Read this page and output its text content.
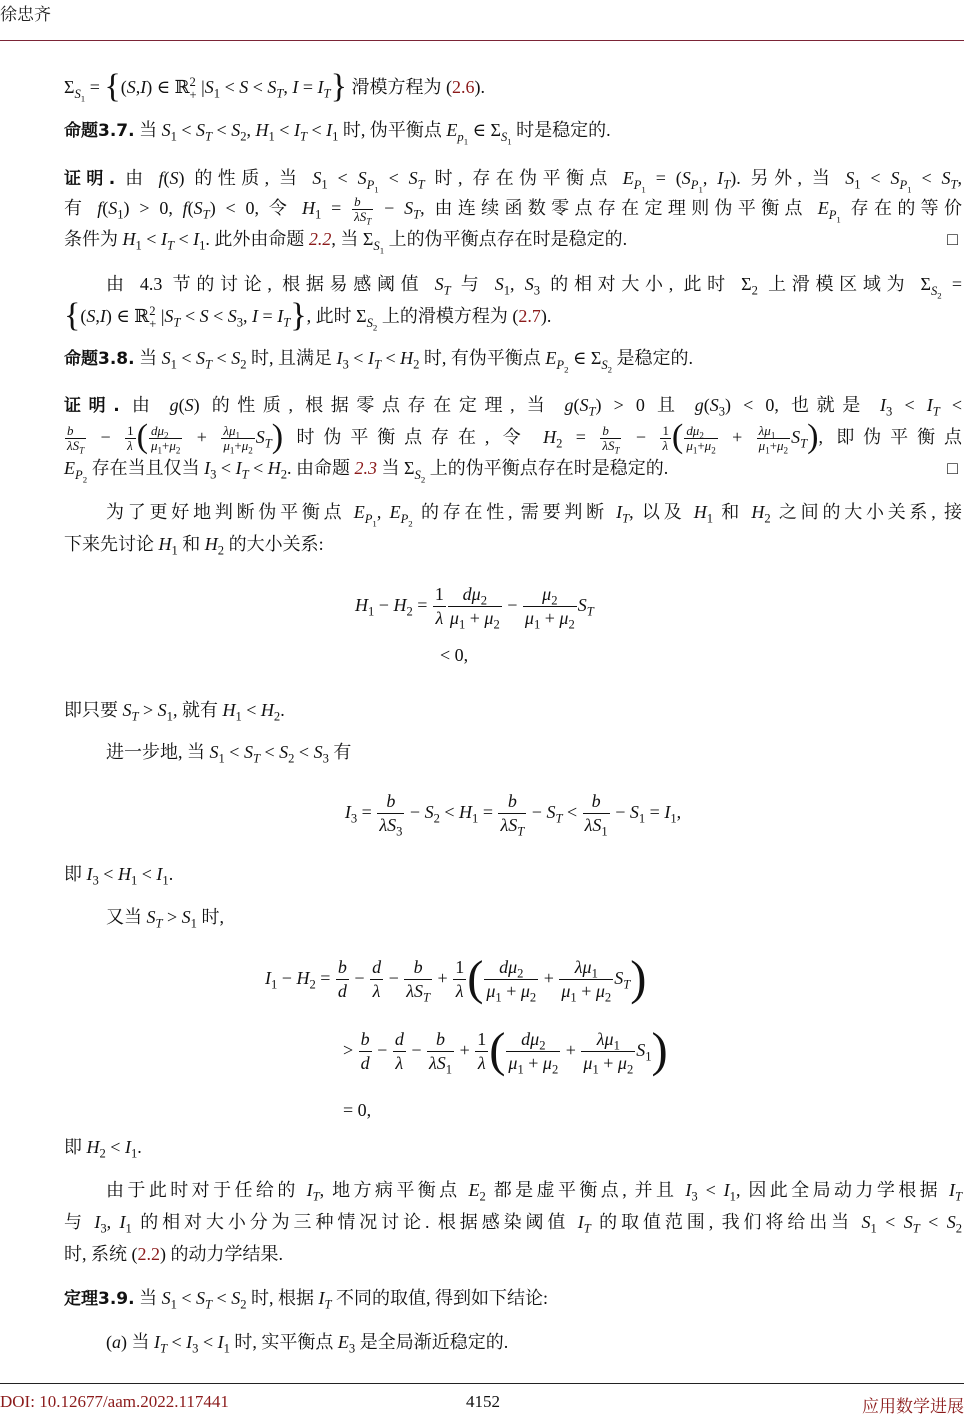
徐忠齐
$\Sigma_{S_1} = \{(S,I)$ ∈ ℝ 2
+ $|S_1 < S < S_T$, $I = I_T$} 滑模方程为 (2.6).
命题3.7. 当 $S_1 < S_T < S_2$, $H_1 < I_T < I_1$ 时, 伪平衡点 $E_{p_1}$ ∈ $\Sigma_{S_1}$ 时是稳定的.
证明. 由 f(S) 的性质, 当 $S_1 < S_{P_1} < S_T$ 时, 存在伪平衡点 $E_{P_1} = (S_{P_1}$, $I_T$). 另外, 当 $S_1 < S_{P_1} < S_T$,
有 $f(S_1) > 0$, $f(S_T) < 0$, 令 $H_1 = b$
$\lambda S_T$
− $S_T$, 由连续函数零点存在定理则伪平衡点 $E_{P_1}$ 存在的等价
条件为 $H_1 < I_T < I_1$. 此外由命题 2.2, 当 $\Sigma_{S_1}$ 上的伪平衡点存在时是稳定的.	□
由 4.3 节的讨论, 根据易感阈值 $S_T$ 与 $S_1$, $S_3$ 的相对大小, 此时 $\Sigma_2$ 上滑模区域为 $\Sigma_{S_2}$ =
{(S,I) ∈ ℝ 2
+ $|S_T < S < S_3$, $I = I_T$}, 此时 $\Sigma_{S_2}$ 上的滑模方程为 (2.7).
命题3.8. 当 $S_1 < S_T < S_2$ 时, 且满足 $I_3 < I_T < H_2$ 时, 有伪平衡点 $E_{P_2}$ ∈ $\Sigma_{S_2}$ 是稳定的.
证明. 由 g(S) 的性质, 根据零点存在定理, 当 $g(S_T) > 0$ 且 $g(S_3) < 0$, 也就是 $I_3 < I_T$ <
b
$\lambda S_T$
− $\frac{1}{\lambda}$ ( $\frac{d\mu_2}{\mu_1+\mu_2} + \frac{\lambda\mu_1}{\mu_1+\mu_2} S_T$) 时伪平衡点存在, 令 $H_2 = b$
$\lambda S_T$
− $\frac{1}{\lambda}$ ( $\frac{d\mu_2}{\mu_1+\mu_2} + \frac{\lambda\mu_1}{\mu_1+\mu_2} S_T$), 即伪平衡点
$E_{P_2}$ 存在当且仅当 $I_3 < I_T < H_2$. 由命题 2.3 当 $\Sigma_{S_2}$ 上的伪平衡点存在时是稳定的.	□
为了更好地判断伪平衡点 $E_{P_1}$, $E_{P_2}$ 的存在性, 需要判断 $I_T$, 以及 $H_1$ 和 $H_2$ 之间的大小关系, 接
下来先讨论 $H_1$ 和 $H_2$ 的大小关系:
$H_1 - H_2 = \frac{1}{\lambda} \frac{d\mu_2}{\mu_1 + \mu_2} - \frac{\mu_2}{\mu_1 + \mu_2} S_T$
< 0,
即只要 $S_T > S_1$, 就有 $H_1 < H_2$.
进一步地, 当 $S_1 < S_T < S_2 < S_3$ 有
$I_3 = \frac{b}{\lambda S_3} - S_2 < H_1$ =
b
$\lambda S_T$
− $S_T < \frac{b}{\lambda S_1} - S_1 = I_1$,
即 $I_3 < H_1 < I_1$.
又当 $S_T > S_1$ 时,
$I_1 - H_2 = \frac{b}{d} - \frac{d}{\lambda}$ −
b
$\lambda S_T$
+ $\frac{1}{\lambda}$ ( $\frac{d\mu_2}{\mu_1 + \mu_2} + \frac{\lambda\mu_1}{\mu_1 + \mu_2} S_T$)
> $\frac{b}{d} - \frac{d}{\lambda} - \frac{b}{\lambda S_1} + \frac{1}{\lambda}$ ( $\frac{d\mu_2}{\mu_1 + \mu_2} + \frac{\lambda\mu_1}{\mu_1 + \mu_2} S_1$)
= 0,
即 $H_2 < I_1$.
由于此时对于任给的 $I_T$, 地方病平衡点 $E_2$ 都是虚平衡点, 并且 $I_3 < I_1$, 因此全局动力学根据 $I_T$
与 $I_3$, $I_1$ 的相对大小分为三种情况讨论. 根据感染阈值 $I_T$ 的取值范围, 我们将给出当 $S_1 < S_T < S_2$
时, 系统 (2.2) 的动力学结果.
定理3.9. 当 $S_1 < S_T < S_2$ 时, 根据 $I_T$ 不同的取值, 得到如下结论:
(a) 当 $I_T < I_3 < I_1$ 时, 实平衡点 $E_3$ 是全局渐近稳定的.
DOI: 10.12677/aam.2022.117441	4152	应用数学进展
